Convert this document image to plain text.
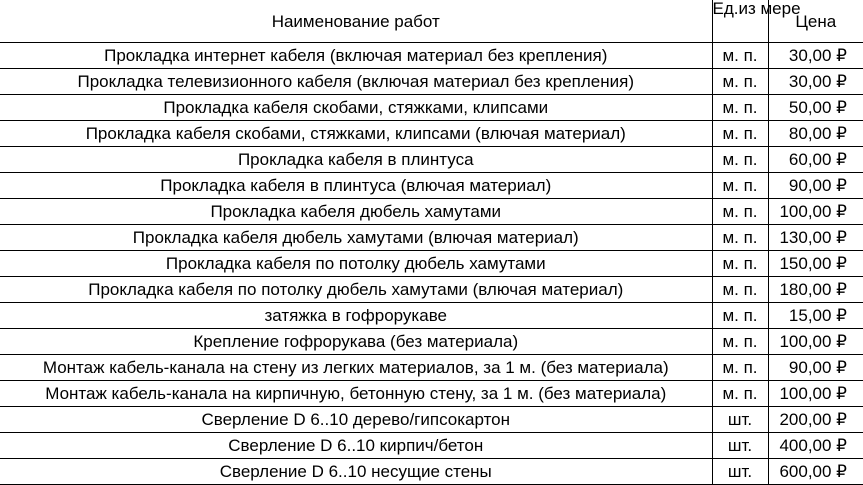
Наименование работ	Ед.из мере	Цена
Прокладка интернет кабеля (включая материал без крепления)	м. п.	30,00 ₽
Прокладка телевизионного кабеля (включая материал без крепления)	м. п.	30,00 ₽
Прокладка кабеля скобами, стяжками, клипсами	м. п.	50,00 ₽
Прокладка кабеля скобами, стяжками, клипсами (влючая материал)	м. п.	80,00 ₽
Прокладка кабеля в плинтуса	м. п.	60,00 ₽
Прокладка кабеля в плинтуса (влючая материал)	м. п.	90,00 ₽
Прокладка кабеля дюбель хамутами	м. п.	100,00 ₽
Прокладка кабеля дюбель хамутами (влючая материал)	м. п.	130,00 ₽
Прокладка кабеля по потолку дюбель хамутами	м. п.	150,00 ₽
Прокладка кабеля по потолку дюбель хамутами (влючая материал)	м. п.	180,00 ₽
затяжка в гофрорукаве	м. п.	15,00 ₽
Крепление гофрорукава (без материала)	м. п.	100,00 ₽
Монтаж кабель-канала на стену из легких материалов, за 1 м. (без материала)	м. п.	90,00 ₽
Монтаж кабель-канала на кирпичную, бетонную стену, за 1 м. (без материала)	м. п.	100,00 ₽
Сверление D 6..10 дерево/гипсокартон	шт.	200,00 ₽
Сверление D 6..10 кирпич/бетон	шт.	400,00 ₽
Сверление D 6..10 несущие стены	шт.	600,00 ₽
